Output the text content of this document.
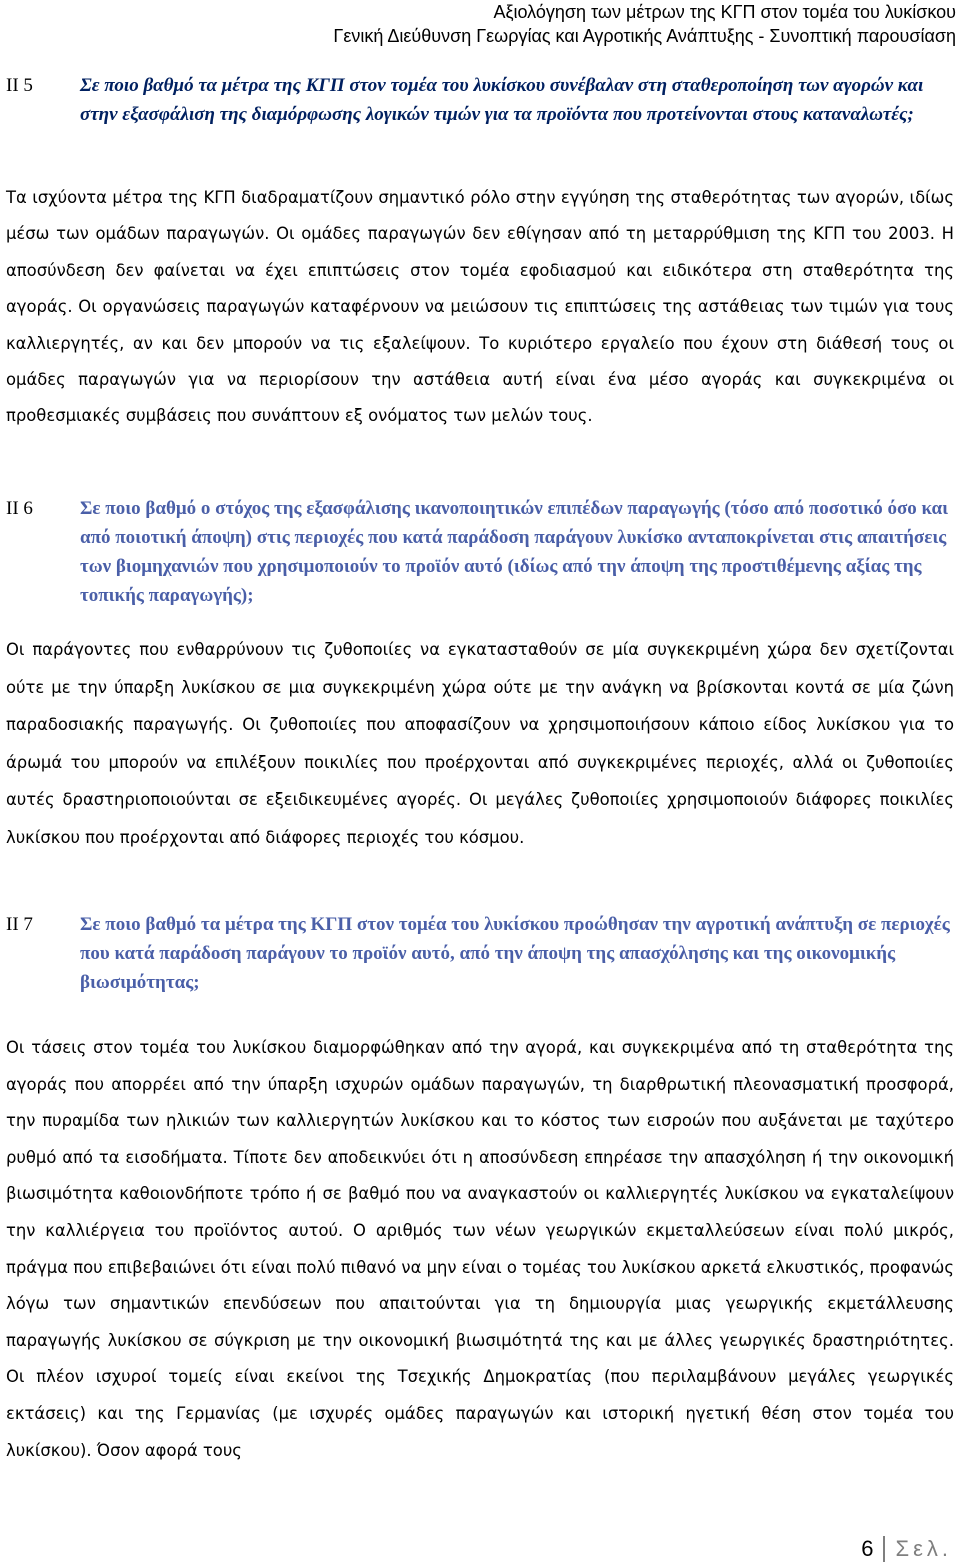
Αξιολόγηση των μέτρων της ΚΓΠ στον τομέα του λυκίσκου
Γενική Διεύθυνση Γεωργίας και Αγροτικής Ανάπτυξης - Συνοπτική παρουσίαση
ΙΙ 5	Σε ποιο βαθμό τα μέτρα της ΚΓΠ στον τομέα του λυκίσκου συνέβαλαν στη σταθεροποίηση των αγορών και στην εξασφάλιση της διαμόρφωσης λογικών τιμών για τα προϊόντα που προτείνονται στους καταναλωτές;

Τα ισχύοντα μέτρα της ΚΓΠ διαδραματίζουν σημαντικό ρόλο στην εγγύηση της σταθερότητας των αγορών, ιδίως μέσω των ομάδων παραγωγών. Οι ομάδες παραγωγών δεν εθίγησαν από τη μεταρρύθμιση της ΚΓΠ του 2003. Η αποσύνδεση δεν φαίνεται να έχει επιπτώσεις στον τομέα εφοδιασμού και ειδικότερα στη σταθερότητα της αγοράς. Οι οργανώσεις παραγωγών καταφέρνουν να μειώσουν τις επιπτώσεις της αστάθειας των τιμών για τους καλλιεργητές, αν και δεν μπορούν να τις εξαλείψουν. Το κυριότερο εργαλείο που έχουν στη διάθεσή τους οι ομάδες παραγωγών για να περιορίσουν την αστάθεια αυτή είναι ένα μέσο αγοράς και συγκεκριμένα οι προθεσμιακές συμβάσεις που συνάπτουν εξ ονόματος των μελών τους.

ΙΙ 6	Σε ποιο βαθμό ο στόχος της εξασφάλισης ικανοποιητικών επιπέδων παραγωγής (τόσο από ποσοτικό όσο και από ποιοτική άποψη) στις περιοχές που κατά παράδοση παράγουν λυκίσκο ανταποκρίνεται στις απαιτήσεις των βιομηχανιών που χρησιμοποιούν το προϊόν αυτό (ιδίως από την άποψη της προστιθέμενης αξίας της τοπικής παραγωγής);

Οι παράγοντες που ενθαρρύνουν τις ζυθοποιίες να εγκατασταθούν σε μία συγκεκριμένη χώρα δεν σχετίζονται ούτε με την ύπαρξη λυκίσκου σε μια συγκεκριμένη χώρα ούτε με την ανάγκη να βρίσκονται κοντά σε μία ζώνη παραδοσιακής παραγωγής. Οι ζυθοποιίες που αποφασίζουν να χρησιμοποιήσουν κάποιο είδος λυκίσκου για το άρωμά του μπορούν να επιλέξουν ποικιλίες που προέρχονται από συγκεκριμένες περιοχές, αλλά οι ζυθοποιίες αυτές δραστηριοποιούνται σε εξειδικευμένες αγορές. Οι μεγάλες ζυθοποιίες χρησιμοποιούν διάφορες ποικιλίες λυκίσκου που προέρχονται από διάφορες περιοχές του κόσμου.

ΙΙ 7	Σε ποιο βαθμό τα μέτρα της ΚΓΠ στον τομέα του λυκίσκου προώθησαν την αγροτική ανάπτυξη σε περιοχές που κατά παράδοση παράγουν το προϊόν αυτό, από την άποψη της απασχόλησης και της οικονομικής βιωσιμότητας;

Οι τάσεις στον τομέα του λυκίσκου διαμορφώθηκαν από την αγορά, και συγκεκριμένα από τη σταθερότητα της αγοράς που απορρέει από την ύπαρξη ισχυρών ομάδων παραγωγών, τη διαρθρωτική πλεονασματική προσφορά, την πυραμίδα των ηλικιών των καλλιεργητών λυκίσκου και το κόστος των εισροών που αυξάνεται με ταχύτερο ρυθμό από τα εισοδήματα. Τίποτε δεν αποδεικνύει ότι η αποσύνδεση επηρέασε την απασχόληση ή την οικονομική βιωσιμότητα καθοιονδήποτε τρόπο ή σε βαθμό που να αναγκαστούν οι καλλιεργητές λυκίσκου να εγκαταλείψουν την καλλιέργεια του προϊόντος αυτού. Ο αριθμός των νέων γεωργικών εκμεταλλεύσεων είναι πολύ μικρός, πράγμα που επιβεβαιώνει ότι είναι πολύ πιθανό να μην είναι ο τομέας του λυκίσκου αρκετά ελκυστικός, προφανώς λόγω των σημαντικών επενδύσεων που απαιτούνται για τη δημιουργία μιας γεωργικής εκμετάλλευσης παραγωγής λυκίσκου σε σύγκριση με την οικονομική βιωσιμότητά της και με άλλες γεωργικές δραστηριότητες. Οι πλέον ισχυροί τομείς είναι εκείνοι της Τσεχικής Δημοκρατίας (που περιλαμβάνουν μεγάλες γεωργικές εκτάσεις) και της Γερμανίας (με ισχυρές ομάδες παραγωγών και ιστορική ηγετική θέση στον τομέα του λυκίσκου). Όσον αφορά τους

6 Σελ.
